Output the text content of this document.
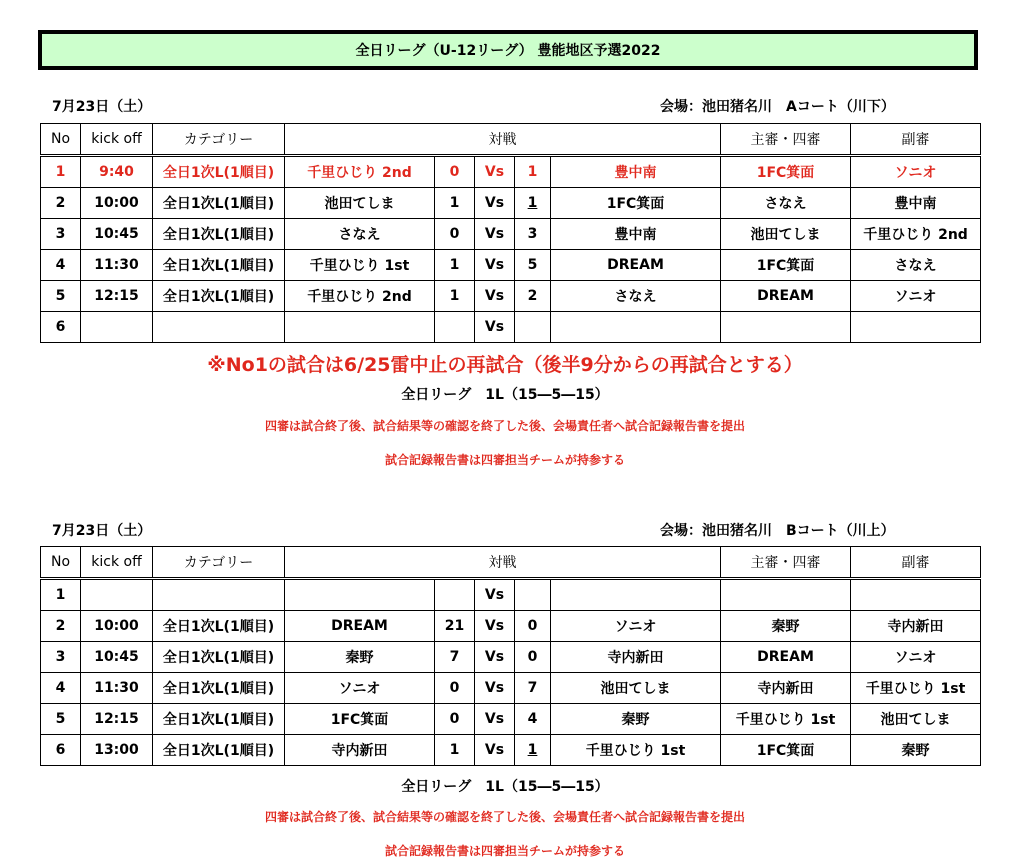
全日リーグ（U-12リーグ） 豊能地区予選2022
7月23日（土）	会場：池田猪名川　Aコート（川下）
No	kick off	カテゴリー	対戦					主審・四審	副審
1	9:40	全日1次L(1順目)	千里ひじり 2nd	0	Vs	1	豊中南	1FC箕面	ソニオ
2	10:00	全日1次L(1順目)	池田てしま	1	Vs	1	1FC箕面	さなえ	豊中南
3	10:45	全日1次L(1順目)	さなえ	0	Vs	3	豊中南	池田てしま	千里ひじり 2nd
4	11:30	全日1次L(1順目)	千里ひじり 1st	1	Vs	5	DREAM	1FC箕面	さなえ
5	12:15	全日1次L(1順目)	千里ひじり 2nd	1	Vs	2	さなえ	DREAM	ソニオ
6					Vs				
※No1の試合は6/25雷中止の再試合（後半9分からの再試合とする）
全日リーグ　1L（15―5―15）
四審は試合終了後、試合結果等の確認を終了した後、会場責任者へ試合記録報告書を提出
試合記録報告書は四審担当チームが持参する
7月23日（土）	会場：池田猪名川　Bコート（川上）
No	kick off	カテゴリー	対戦					主審・四審	副審
1					Vs				
2	10:00	全日1次L(1順目)	DREAM	21	Vs	0	ソニオ	秦野	寺内新田
3	10:45	全日1次L(1順目)	秦野	7	Vs	0	寺内新田	DREAM	ソニオ
4	11:30	全日1次L(1順目)	ソニオ	0	Vs	7	池田てしま	寺内新田	千里ひじり 1st
5	12:15	全日1次L(1順目)	1FC箕面	0	Vs	4	秦野	千里ひじり 1st	池田てしま
6	13:00	全日1次L(1順目)	寺内新田	1	Vs	1	千里ひじり 1st	1FC箕面	秦野
全日リーグ　1L（15―5―15）
四審は試合終了後、試合結果等の確認を終了した後、会場責任者へ試合記録報告書を提出
試合記録報告書は四審担当チームが持参する
